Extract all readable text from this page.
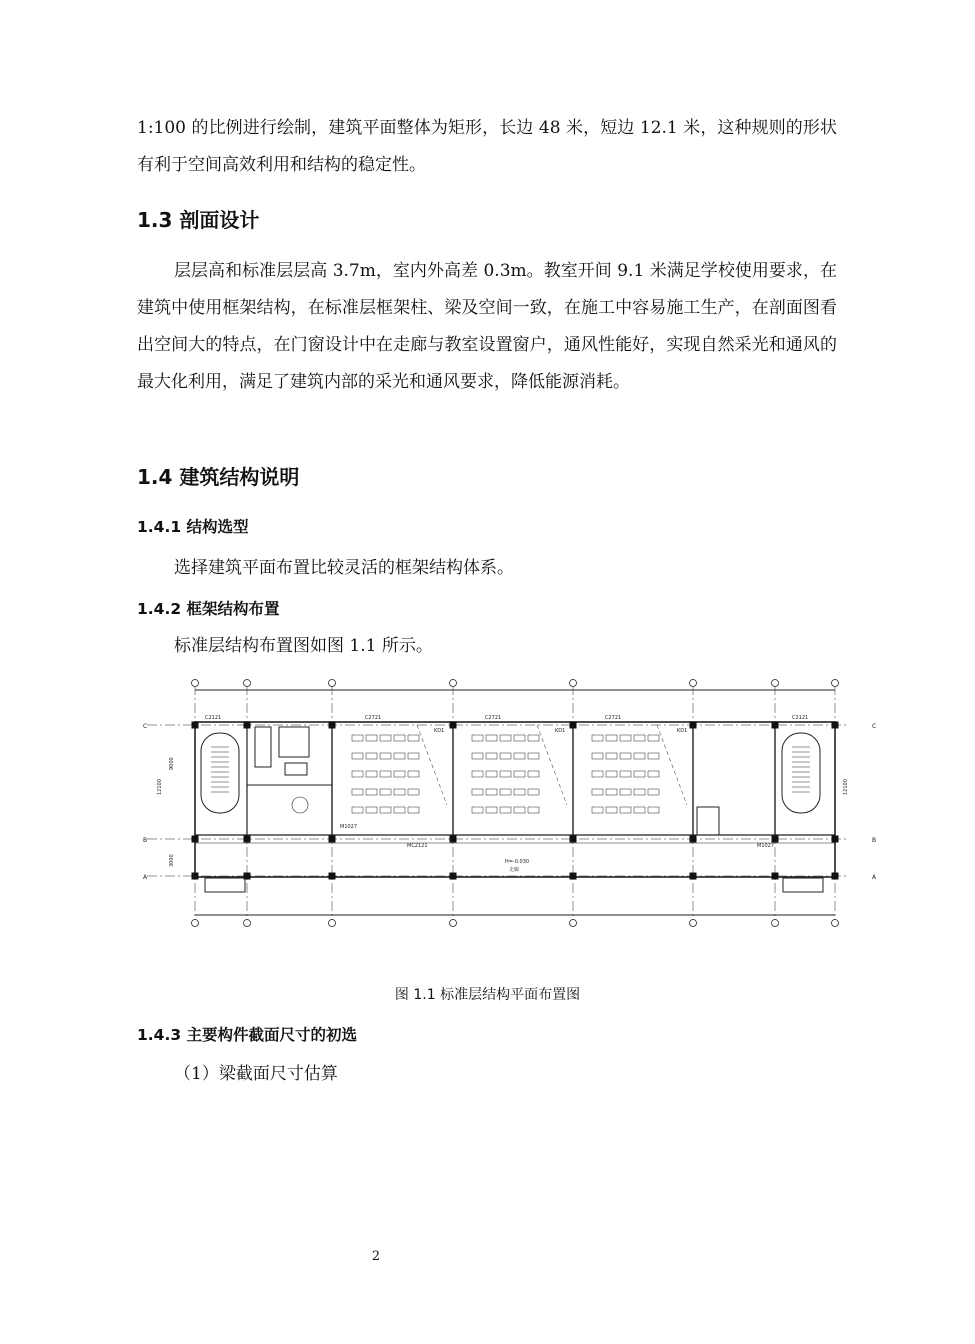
1:100 的比例进行绘制，建筑平面整体为矩形，长边 48 米，短边 12.1 米，这种规则的形状有利于空间高效利用和结构的稳定性。

1.3 剖面设计

层层高和标准层层高 3.7m，室内外高差 0.3m。教室开间 9.1 米满足学校使用要求，在建筑中使用框架结构，在标准层框架柱、梁及空间一致，在施工中容易施工生产，在剖面图看出空间大的特点，在门窗设计中在走廊与教室设置窗户，通风性能好，实现自然采光和通风的最大化利用，满足了建筑内部的采光和通风要求，降低能源消耗。

1.4 建筑结构说明
1.4.1 结构选型

选择建筑平面布置比较灵活的框架结构体系。

1.4.2 框架结构布置

标准层结构布置图如图 1.1 所示。

C2121	C2721	C2721	C2721	C2121
KD1	KD1	KD1
M1027
MC2121	M1027
H=-0.030
走廊
12100
9000
3000
12100
C
B
A
C
B
A

图 1.1 标准层结构平面布置图

1.4.3 主要构件截面尺寸的初选

（1）梁截面尺寸估算

2
